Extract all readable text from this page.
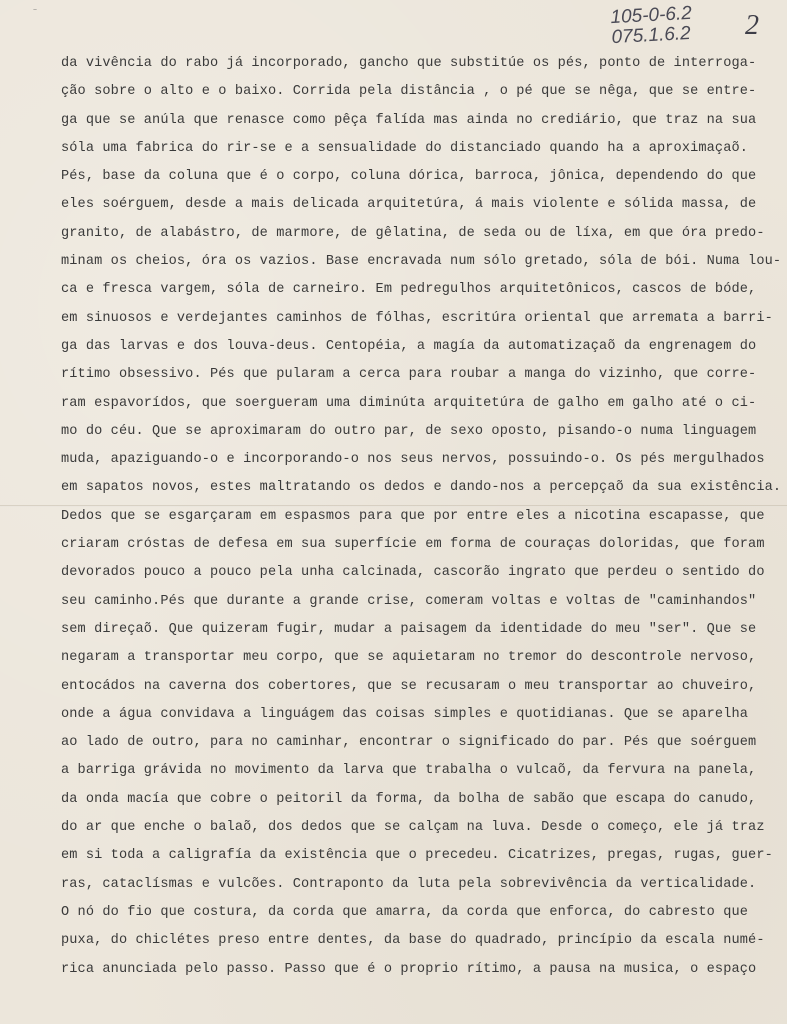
⁻	105-0-6.2
075.1.6.2 2
da vivência do rabo já incorporado, gancho que substitúe os pés, ponto de interroga-
ção sobre o alto e o baixo. Corrida pela distância , o pé que se nêga, que se entre-
ga que se anúla que renasce como pêça falída mas ainda no crediário, que traz na sua
sóla uma fabrica do rir-se e a sensualidade do distanciado quando ha a aproximaçaõ.
Pés, base da coluna que é o corpo, coluna dórica, barroca, jônica, dependendo do que
eles soérguem, desde a mais delicada arquitetúra, á mais violente e sólida massa, de
granito, de alabástro, de marmore, de gêlatina, de seda ou de líxa, em que óra predo-
minam os cheios, óra os vazios. Base encravada num sólo gretado, sóla de bói. Numa lou-
ca e fresca vargem, sóla de carneiro. Em pedregulhos arquitetônicos, cascos de bóde,
em sinuosos e verdejantes caminhos de fólhas, escritúra oriental que arremata a barri-
ga das larvas e dos louva-deus. Centopéia, a magía da automatizaçaõ da engrenagem do
rítimo obsessivo. Pés que pularam a cerca para roubar a manga do vizinho, que corre-
ram espavorídos, que soergueram uma diminúta arquitetúra de galho em galho até o ci-
mo do céu. Que se aproximaram do outro par, de sexo oposto, pisando-o numa linguagem
muda, apaziguando-o e incorporando-o nos seus nervos, possuindo-o. Os pés mergulhados
em sapatos novos, estes maltratando os dedos e dando-nos a percepçaõ da sua existência.
Dedos que se esgarçaram em espasmos para que por entre eles a nicotina escapasse, que
criaram cróstas de defesa em sua superfície em forma de couraças doloridas, que foram
devorados pouco a pouco pela unha calcinada, cascorão ingrato que perdeu o sentido do
seu caminho.Pés que durante a grande crise, comeram voltas e voltas de "caminhandos"
sem direçaõ. Que quizeram fugir, mudar a paisagem da identidade do meu "ser". Que se
negaram a transportar meu corpo, que se aquietaram no tremor do descontrole nervoso,
entocádos na caverna dos cobertores, que se recusaram o meu transportar ao chuveiro,
onde a água convidava a linguágem das coisas simples e quotidianas. Que se aparelha
ao lado de outro, para no caminhar, encontrar o significado do par. Pés que soérguem
a barriga grávida no movimento da larva que trabalha o vulcaõ, da fervura na panela,
da onda macía que cobre o peitoril da forma, da bolha de sabão que escapa do canudo,
do ar que enche o balaõ, dos dedos que se calçam na luva. Desde o começo, ele já traz
em si toda a caligrafía da existência que o precedeu. Cicatrizes, pregas, rugas, guer-
ras, cataclísmas e vulcões. Contraponto da luta pela sobrevivência da verticalidade.
O nó do fio que costura, da corda que amarra, da corda que enforca, do cabresto que
puxa, do chiclétes preso entre dentes, da base do quadrado, princípio da escala numé-
rica anunciada pelo passo. Passo que é o proprio rítimo, a pausa na musica, o espaço
